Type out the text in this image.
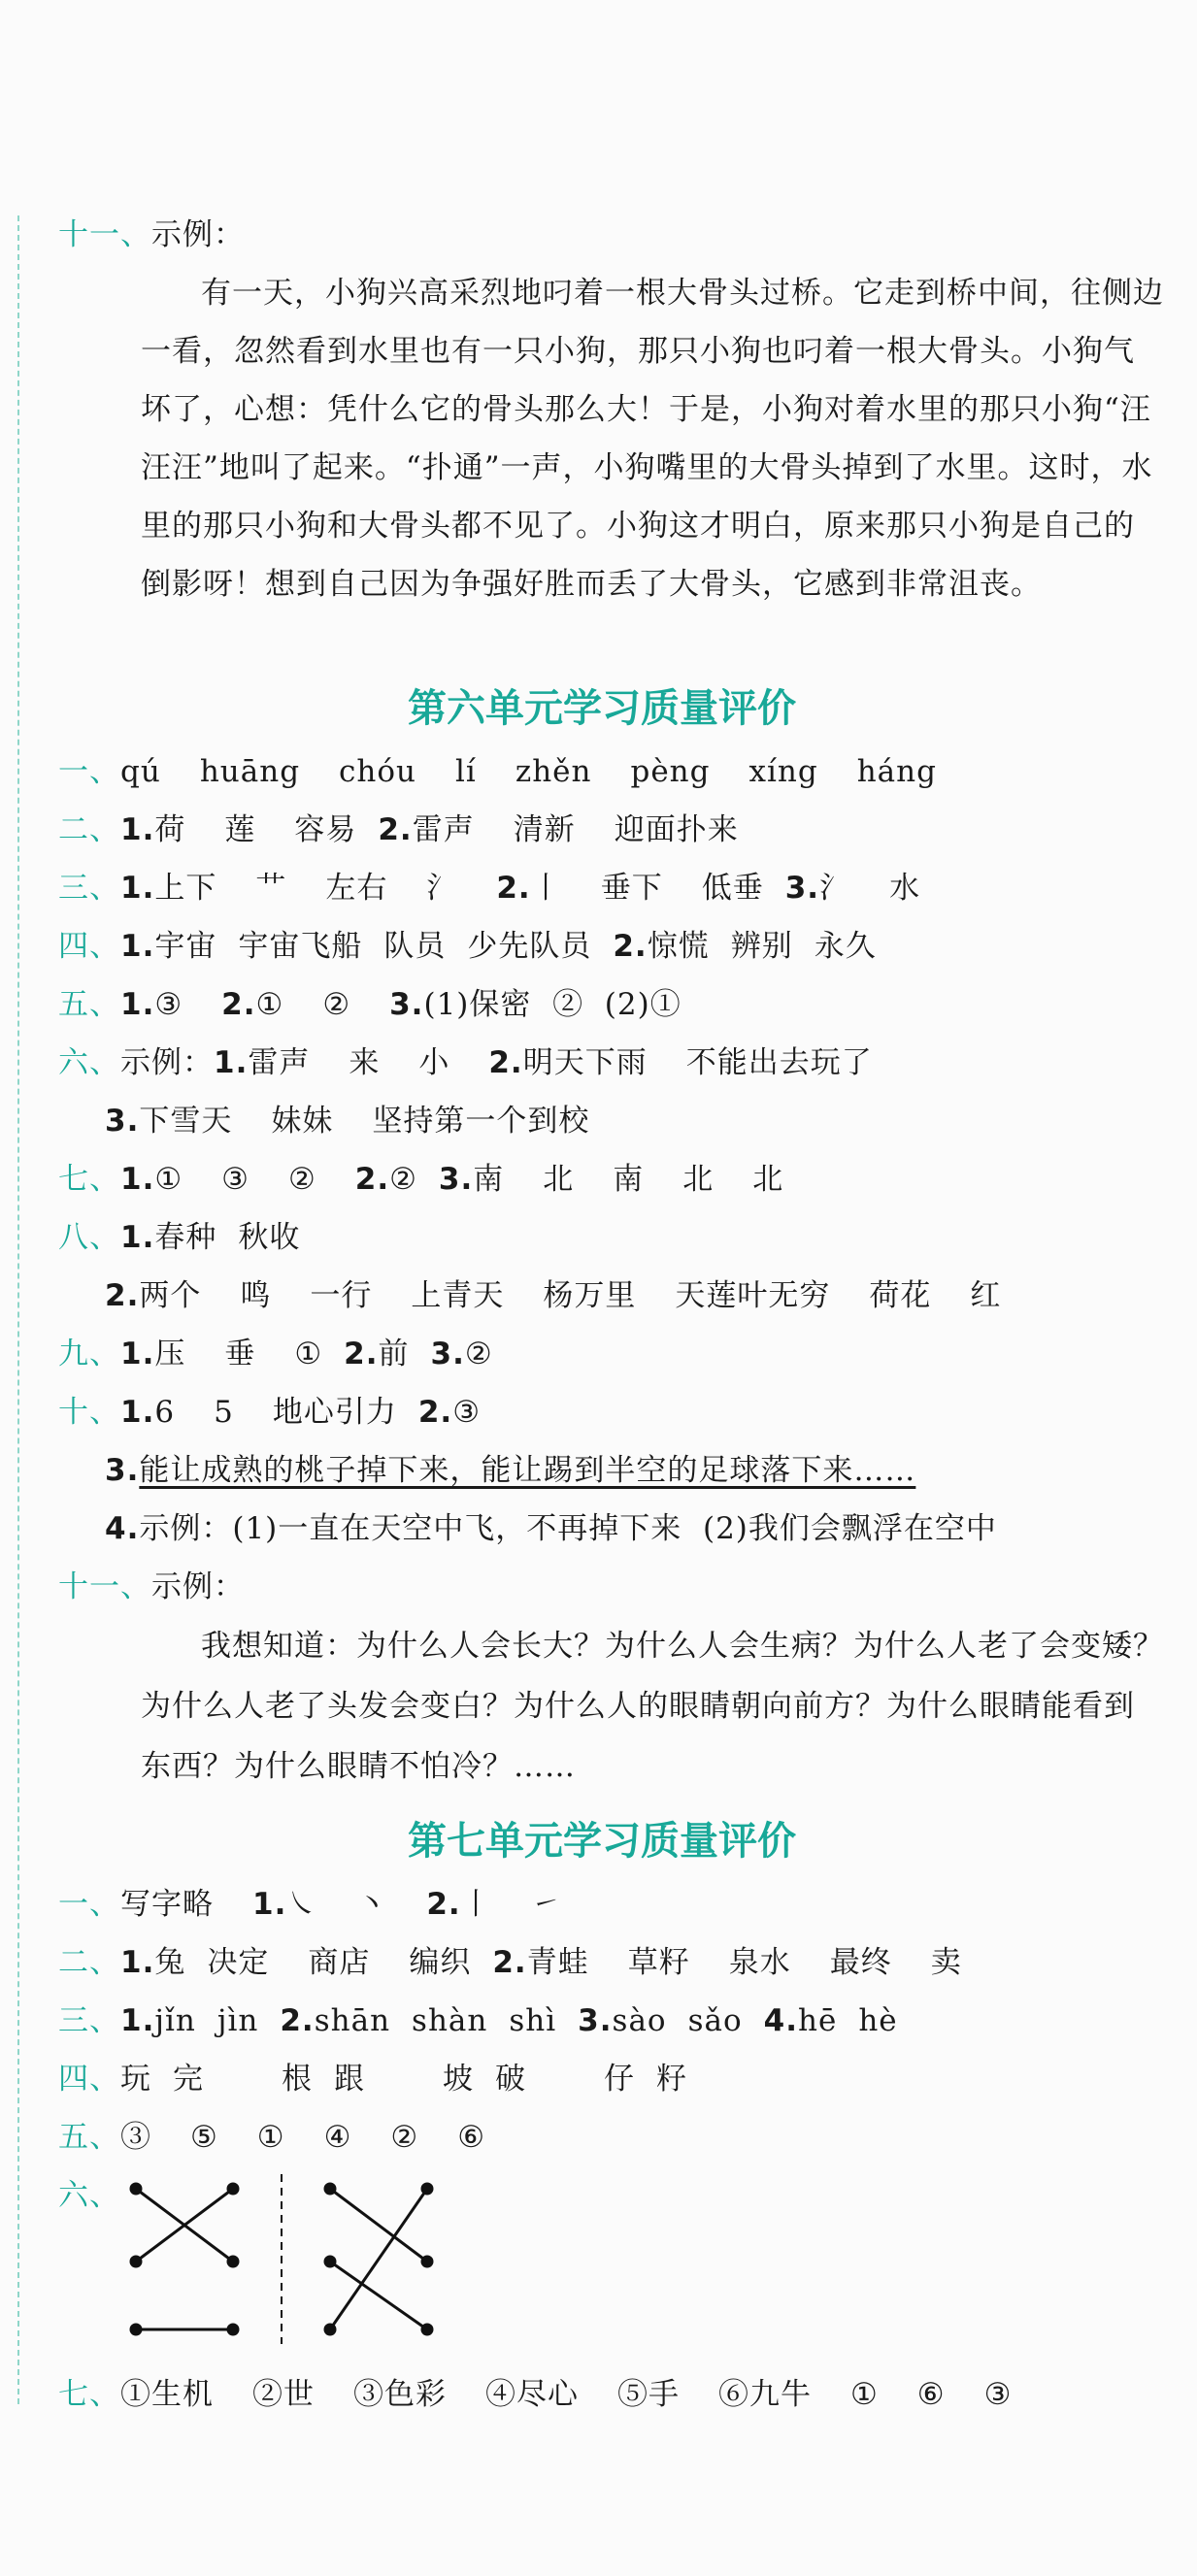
十一、示例：

有一天，小狗兴高采烈地叼着一根大骨头过桥。它走到桥中间，往侧边一看，忽然看到水里也有一只小狗，那只小狗也叼着一根大骨头。小狗气坏了，心想：凭什么它的骨头那么大！于是，小狗对着水里的那只小狗“汪汪汪”地叫了起来。“扑通”一声，小狗嘴里的大骨头掉到了水里。这时，水里的那只小狗和大骨头都不见了。小狗这才明白，原来那只小狗是自己的倒影呀！想到自己因为争强好胜而丢了大骨头，它感到非常沮丧。

第六单元学习质量评价
一、qú huāng chóu lí zhěn pèng xíng háng
二、1.荷 莲 容易 2.雷声 清新 迎面扑来
三、1.上下 艹 左右 氵 2.丨 垂下 低垂 3.氵 水
四、1.宇宙 宇宙飞船 队员 少先队员 2.惊慌 辨别 永久
五、1.③ 2.① ② 3.(1)保密  ②  (2)①
六、示例：1.雷声 来 小 2.明天下雨 不能出去玩了
3.下雪天 妹妹 坚持第一个到校
七、1.① ③ ② 2.② 3.南 北 南 北 北
八、1.春种 秋收
2.两个 鸣 一行 上青天 杨万里 天莲叶无穷 荷花 红
九、1.压 垂 ① 2.前 3.②
十、1.6 5 地心引力 2.③
3.能让成熟的桃子掉下来，能让踢到半空的足球落下来……
4.示例：(1)一直在天空中飞，不再掉下来  (2)我们会飘浮在空中
十一、示例：

我想知道：为什么人会长大？为什么人会生病？为什么人老了会变矮？为什么人老了头发会变白？为什么人的眼睛朝向前方？为什么眼睛能看到东西？为什么眼睛不怕冷？……

第七单元学习质量评价
一、写字略 1.㇏ 丶 2.丨 ㇀
二、1.兔 决定 商店 编织 2.青蛙 草籽 泉水 最终 卖
三、1.jǐn jìn 2.shān shàn shì 3.sào sǎo 4.hē hè
四、玩 完	根 跟	坡 破	仔 籽
五、③ ⑤ ① ④ ② ⑥
六、
七、①生机 ②世 ③色彩 ④尽心 ⑤手 ⑥九牛 ① ⑥ ③
